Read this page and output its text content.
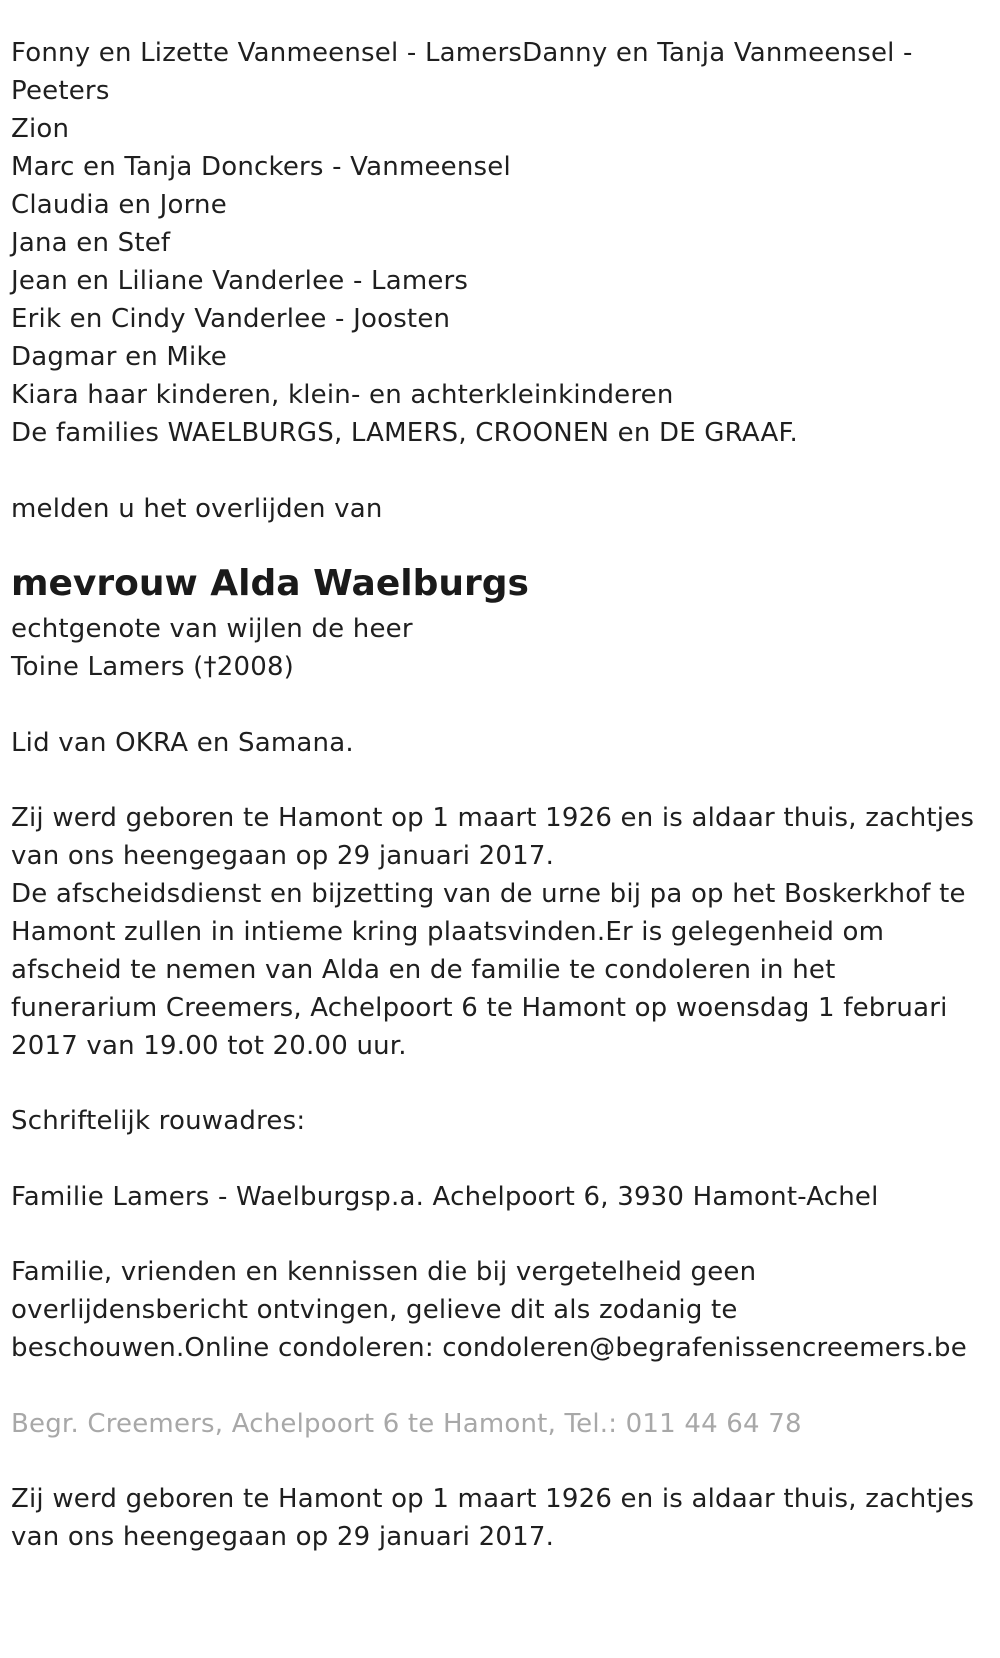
Fonny en Lizette Vanmeensel - LamersDanny en Tanja Vanmeensel -

Peeters

Zion

Marc en Tanja Donckers - Vanmeensel

Claudia en Jorne

Jana en Stef

Jean en Liliane Vanderlee - Lamers

Erik en Cindy Vanderlee - Joosten

Dagmar en Mike

Kiara haar kinderen, klein- en achterkleinkinderen

De families WAELBURGS, LAMERS, CROONEN en DE GRAAF.

melden u het overlijden van

mevrouw Alda Waelburgs

echtgenote van wijlen de heer

Toine Lamers (†2008)

Lid van OKRA en Samana.

Zij werd geboren te Hamont op 1 maart 1926 en is aldaar thuis, zachtjes

van ons heengegaan op 29 januari 2017.

De afscheidsdienst en bijzetting van de urne bij pa op het Boskerkhof te

Hamont zullen in intieme kring plaatsvinden.Er is gelegenheid om

afscheid te nemen van Alda en de familie te condoleren in het

funerarium Creemers, Achelpoort 6 te Hamont op woensdag 1 februari

2017 van 19.00 tot 20.00 uur.

Schriftelijk rouwadres:

Familie Lamers - Waelburgsp.a. Achelpoort 6, 3930 Hamont-Achel

Familie, vrienden en kennissen die bij vergetelheid geen

overlijdensbericht ontvingen, gelieve dit als zodanig te

beschouwen.Online condoleren: condoleren@begrafenissencreemers.be

Begr. Creemers, Achelpoort 6 te Hamont, Tel.: 011 44 64 78

Zij werd geboren te Hamont op 1 maart 1926 en is aldaar thuis, zachtjes

van ons heengegaan op 29 januari 2017.
